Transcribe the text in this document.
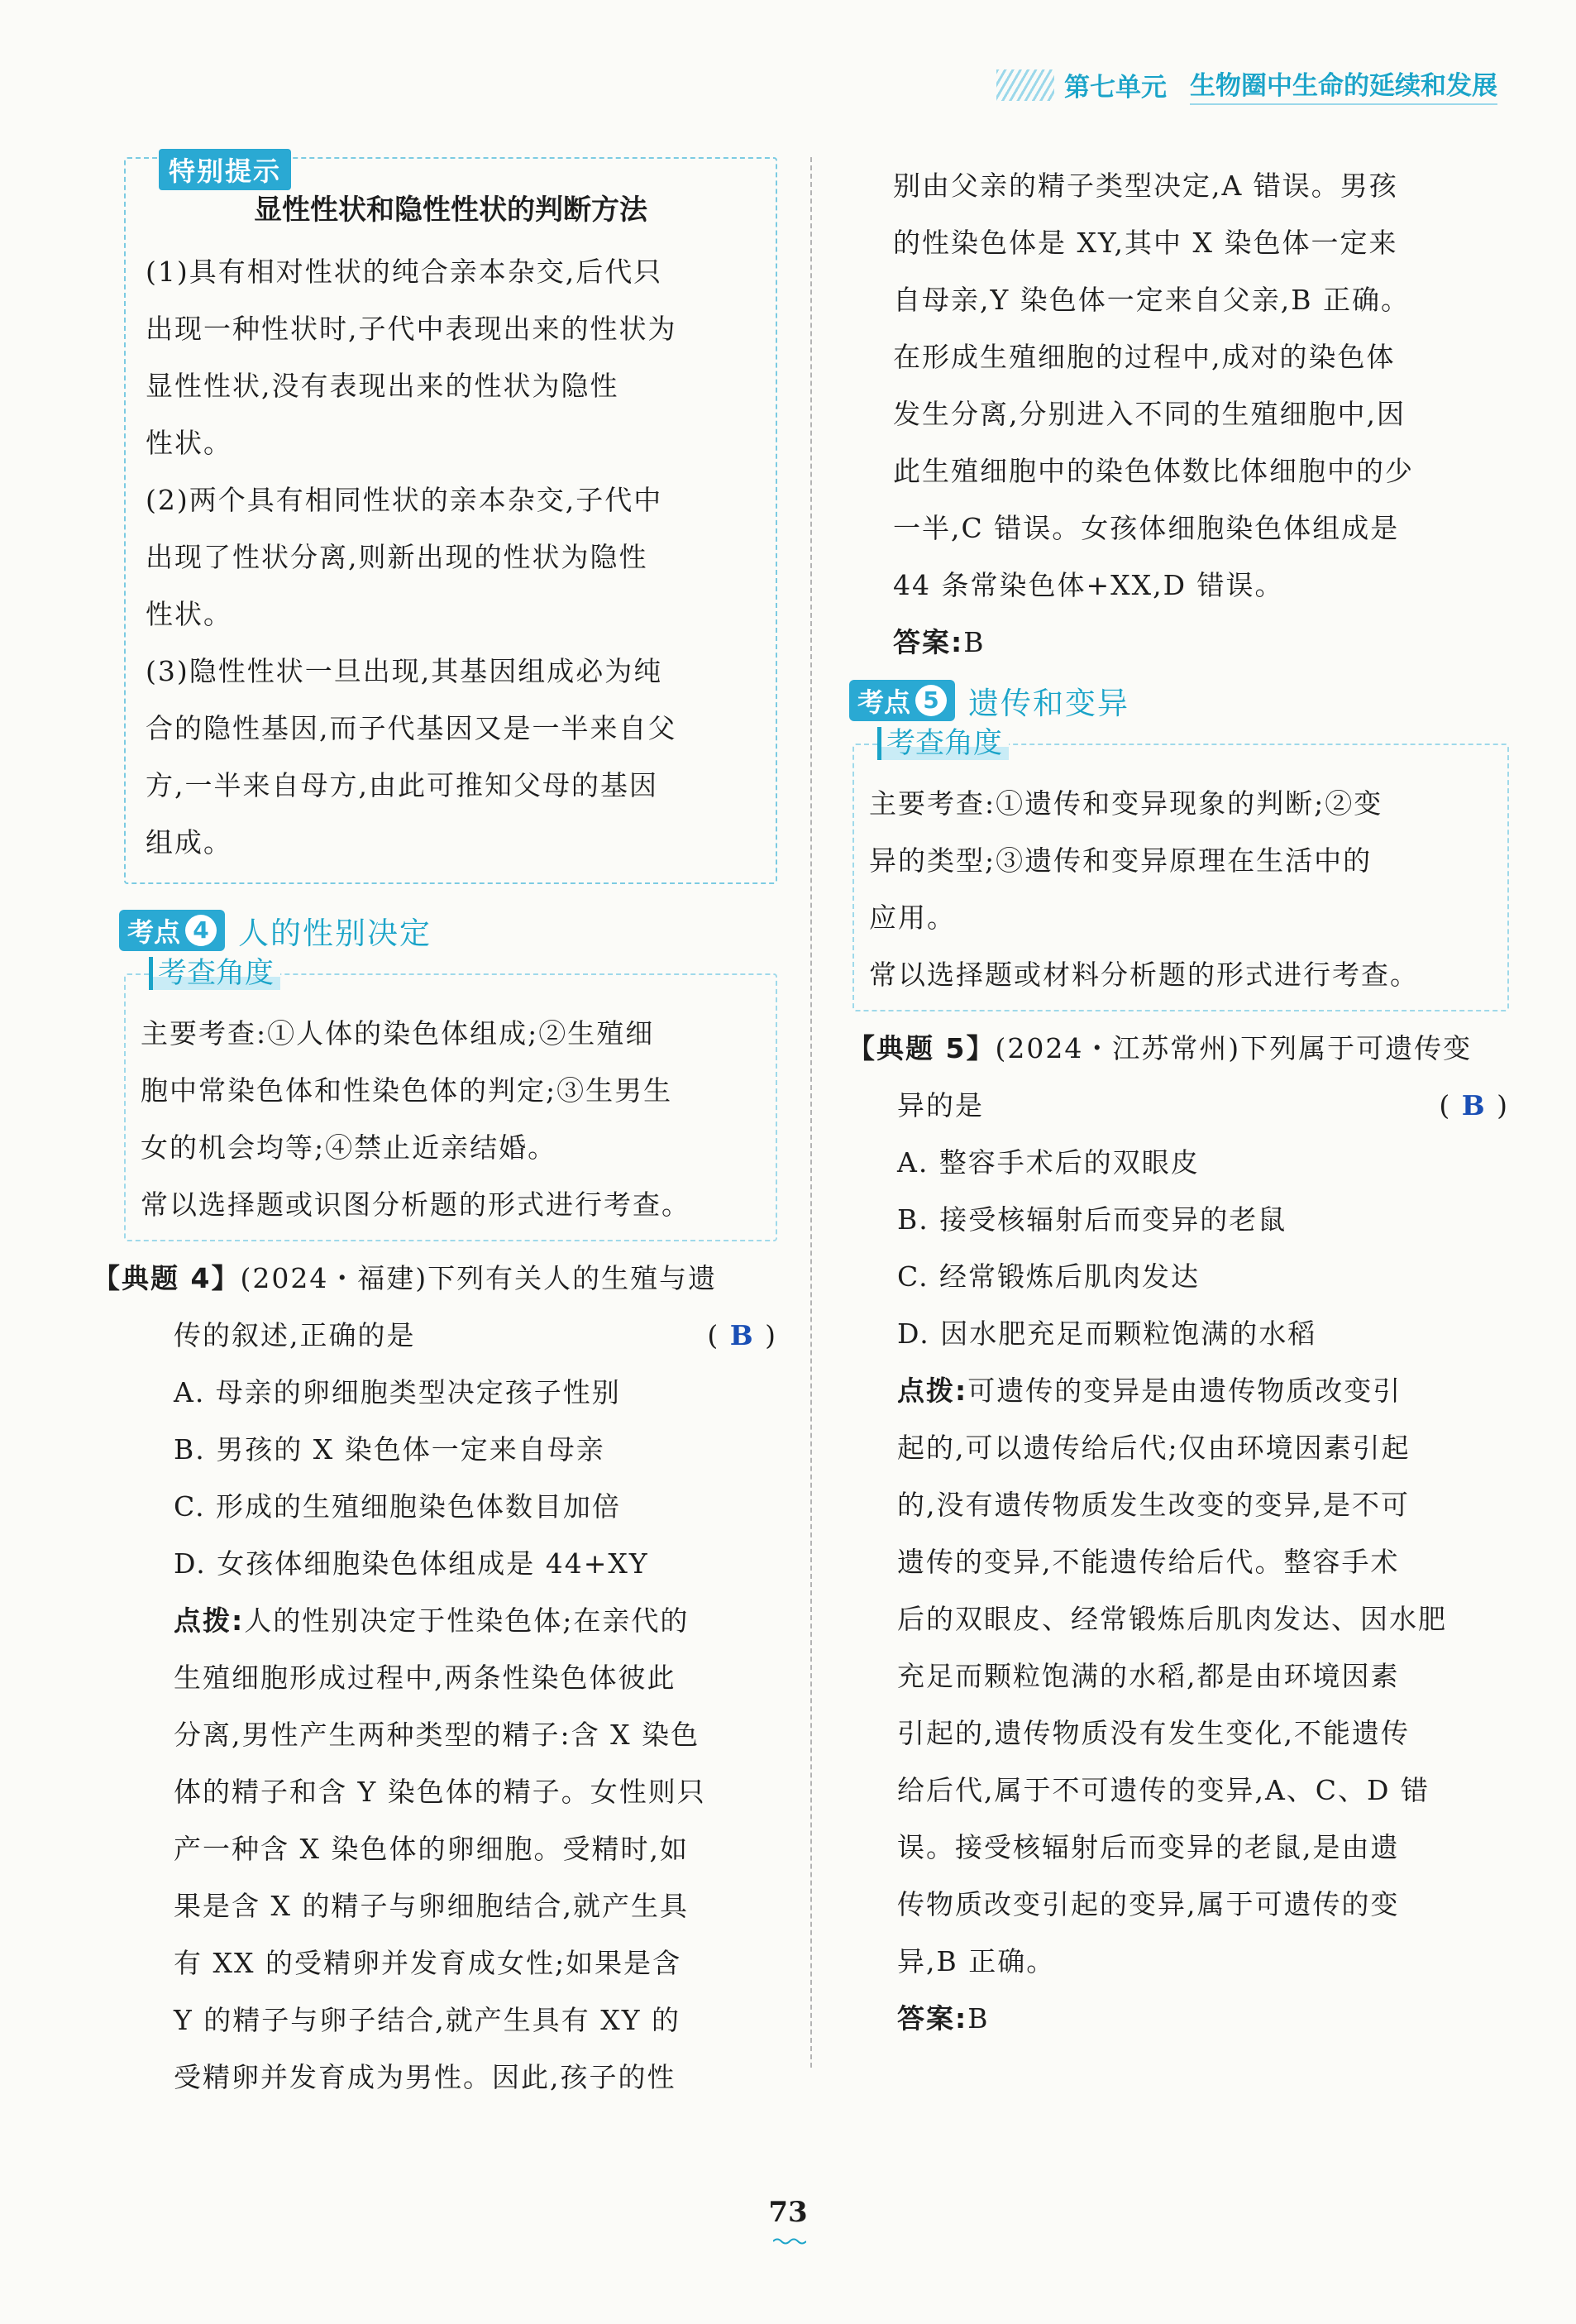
第七单元 生物圈中生命的延续和发展
特别提示
显性性状和隐性性状的判断方法
(1)具有相对性状的纯合亲本杂交,后代只
出现一种性状时,子代中表现出来的性状为
显性性状,没有表现出来的性状为隐性
性状。
(2)两个具有相同性状的亲本杂交,子代中
出现了性状分离,则新出现的性状为隐性
性状。
(3)隐性性状一旦出现,其基因组成必为纯
合的隐性基因,而子代基因又是一半来自父
方,一半来自母方,由此可推知父母的基因
组成。
考点 4 人的性别决定
考查角度
主要考查:①人体的染色体组成;②生殖细
胞中常染色体和性染色体的判定;③生男生
女的机会均等;④禁止近亲结婚。
常以选择题或识图分析题的形式进行考查。
【典题 4】(2024・福建)下列有关人的生殖与遗
传的叙述,正确的是	( B )
A. 母亲的卵细胞类型决定孩子性别
B. 男孩的 X 染色体一定来自母亲
C. 形成的生殖细胞染色体数目加倍
D. 女孩体细胞染色体组成是 44+XY
点拨:人的性别决定于性染色体;在亲代的
生殖细胞形成过程中,两条性染色体彼此
分离,男性产生两种类型的精子:含 X 染色
体的精子和含 Y 染色体的精子。女性则只
产一种含 X 染色体的卵细胞。受精时,如
果是含 X 的精子与卵细胞结合,就产生具
有 XX 的受精卵并发育成女性;如果是含
Y 的精子与卵子结合,就产生具有 XY 的
受精卵并发育成为男性。因此,孩子的性
别由父亲的精子类型决定,A 错误。男孩
的性染色体是 XY,其中 X 染色体一定来
自母亲,Y 染色体一定来自父亲,B 正确。
在形成生殖细胞的过程中,成对的染色体
发生分离,分别进入不同的生殖细胞中,因
此生殖细胞中的染色体数比体细胞中的少
一半,C 错误。女孩体细胞染色体组成是
44 条常染色体+XX,D 错误。
答案:B
考点 5 遗传和变异
考查角度
主要考查:①遗传和变异现象的判断;②变
异的类型;③遗传和变异原理在生活中的
应用。
常以选择题或材料分析题的形式进行考查。
【典题 5】(2024・江苏常州)下列属于可遗传变
异的是	( B )
A. 整容手术后的双眼皮
B. 接受核辐射后而变异的老鼠
C. 经常锻炼后肌肉发达
D. 因水肥充足而颗粒饱满的水稻
点拨:可遗传的变异是由遗传物质改变引
起的,可以遗传给后代;仅由环境因素引起
的,没有遗传物质发生改变的变异,是不可
遗传的变异,不能遗传给后代。整容手术
后的双眼皮、经常锻炼后肌肉发达、因水肥
充足而颗粒饱满的水稻,都是由环境因素
引起的,遗传物质没有发生变化,不能遗传
给后代,属于不可遗传的变异,A、C、D 错
误。接受核辐射后而变异的老鼠,是由遗
传物质改变引起的变异,属于可遗传的变
异,B 正确。
答案:B
73
